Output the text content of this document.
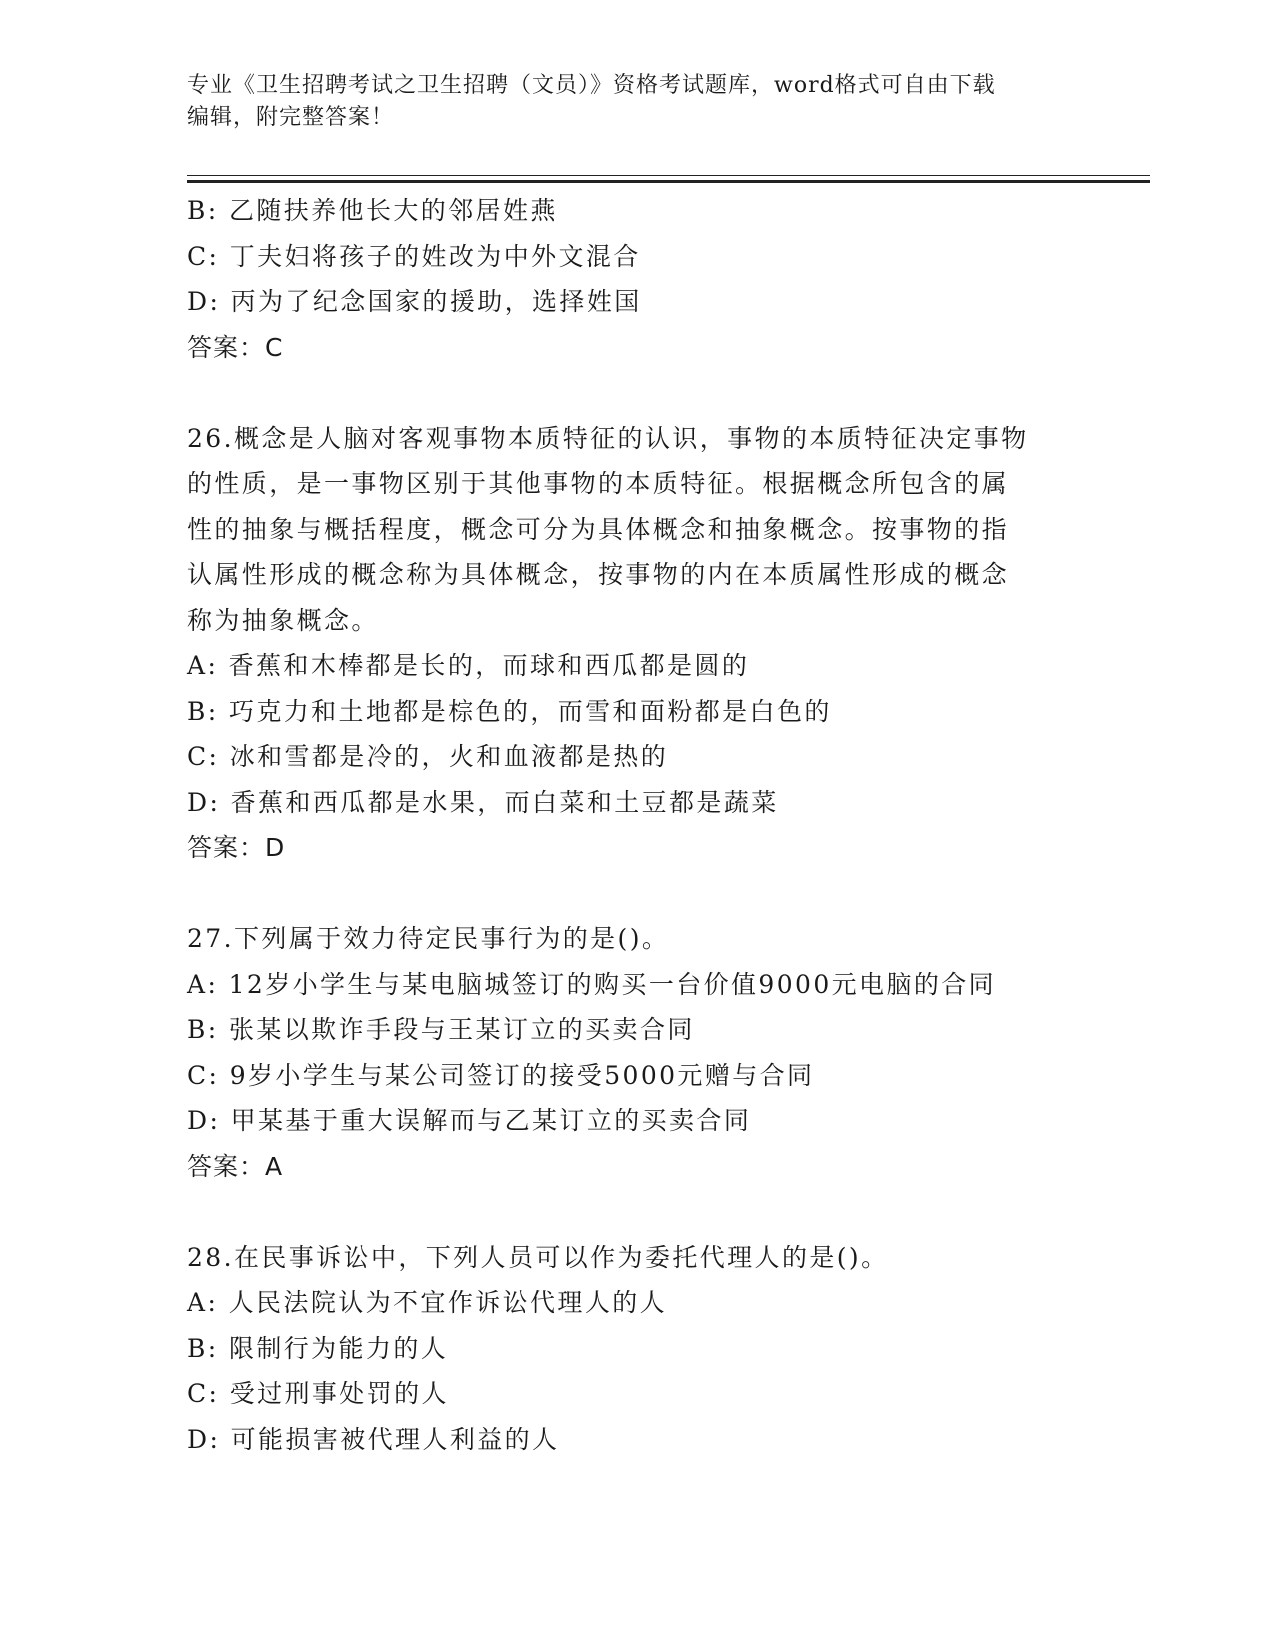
专业《卫生招聘考试之卫生招聘（文员）》资格考试题库，word格式可自由下载
编辑，附完整答案！
B: 乙随扶养他长大的邻居姓燕
C: 丁夫妇将孩子的姓改为中外文混合
D: 丙为了纪念国家的援助，选择姓国
答案：C
26.概念是人脑对客观事物本质特征的认识，事物的本质特征决定事物
的性质，是一事物区别于其他事物的本质特征。根据概念所包含的属
性的抽象与概括程度，概念可分为具体概念和抽象概念。按事物的指
认属性形成的概念称为具体概念，按事物的内在本质属性形成的概念
称为抽象概念。
A: 香蕉和木棒都是长的，而球和西瓜都是圆的
B: 巧克力和土地都是棕色的，而雪和面粉都是白色的
C: 冰和雪都是冷的，火和血液都是热的
D: 香蕉和西瓜都是水果，而白菜和土豆都是蔬菜
答案：D
27.下列属于效力待定民事行为的是()。
A: 12岁小学生与某电脑城签订的购买一台价值9000元电脑的合同
B: 张某以欺诈手段与王某订立的买卖合同
C: 9岁小学生与某公司签订的接受5000元赠与合同
D: 甲某基于重大误解而与乙某订立的买卖合同
答案：A
28.在民事诉讼中，下列人员可以作为委托代理人的是()。
A: 人民法院认为不宜作诉讼代理人的人
B: 限制行为能力的人
C: 受过刑事处罚的人
D: 可能损害被代理人利益的人
